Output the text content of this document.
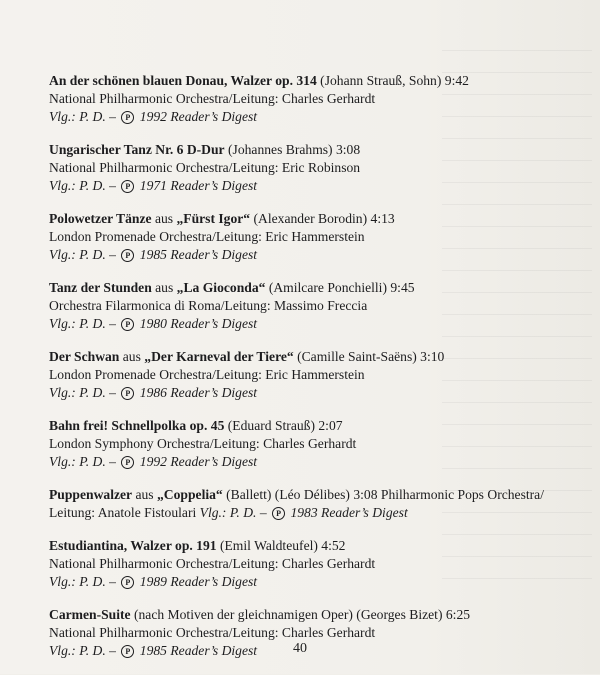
An der schönen blauen Donau, Walzer op. 314 (Johann Strauß, Sohn) 9:42
National Philharmonic Orchestra/Leitung: Charles Gerhardt
Vlg.: P. D. – P 1992 Reader’s Digest
Ungarischer Tanz Nr. 6 D-Dur (Johannes Brahms) 3:08
National Philharmonic Orchestra/Leitung: Eric Robinson
Vlg.: P. D. – P 1971 Reader’s Digest
Polowetzer Tänze aus „Fürst Igor“ (Alexander Borodin) 4:13
London Promenade Orchestra/Leitung: Eric Hammerstein
Vlg.: P. D. – P 1985 Reader’s Digest
Tanz der Stunden aus „La Gioconda“ (Amilcare Ponchielli) 9:45
Orchestra Filarmonica di Roma/Leitung: Massimo Freccia
Vlg.: P. D. – P 1980 Reader’s Digest
Der Schwan aus „Der Karneval der Tiere“ (Camille Saint-Saëns) 3:10
London Promenade Orchestra/Leitung: Eric Hammerstein
Vlg.: P. D. – P 1986 Reader’s Digest
Bahn frei! Schnellpolka op. 45 (Eduard Strauß) 2:07
London Symphony Orchestra/Leitung: Charles Gerhardt
Vlg.: P. D. – P 1992 Reader’s Digest
Puppenwalzer aus „Coppelia“ (Ballett) (Léo Délibes) 3:08 Philharmonic Pops Orchestra/
Leitung: Anatole Fistoulari Vlg.: P. D. – P 1983 Reader’s Digest
Estudiantina, Walzer op. 191 (Emil Waldteufel) 4:52
National Philharmonic Orchestra/Leitung: Charles Gerhardt
Vlg.: P. D. – P 1989 Reader’s Digest
Carmen-Suite (nach Motiven der gleichnamigen Oper) (Georges Bizet) 6:25
National Philharmonic Orchestra/Leitung: Charles Gerhardt
Vlg.: P. D. – P 1985 Reader’s Digest	40
